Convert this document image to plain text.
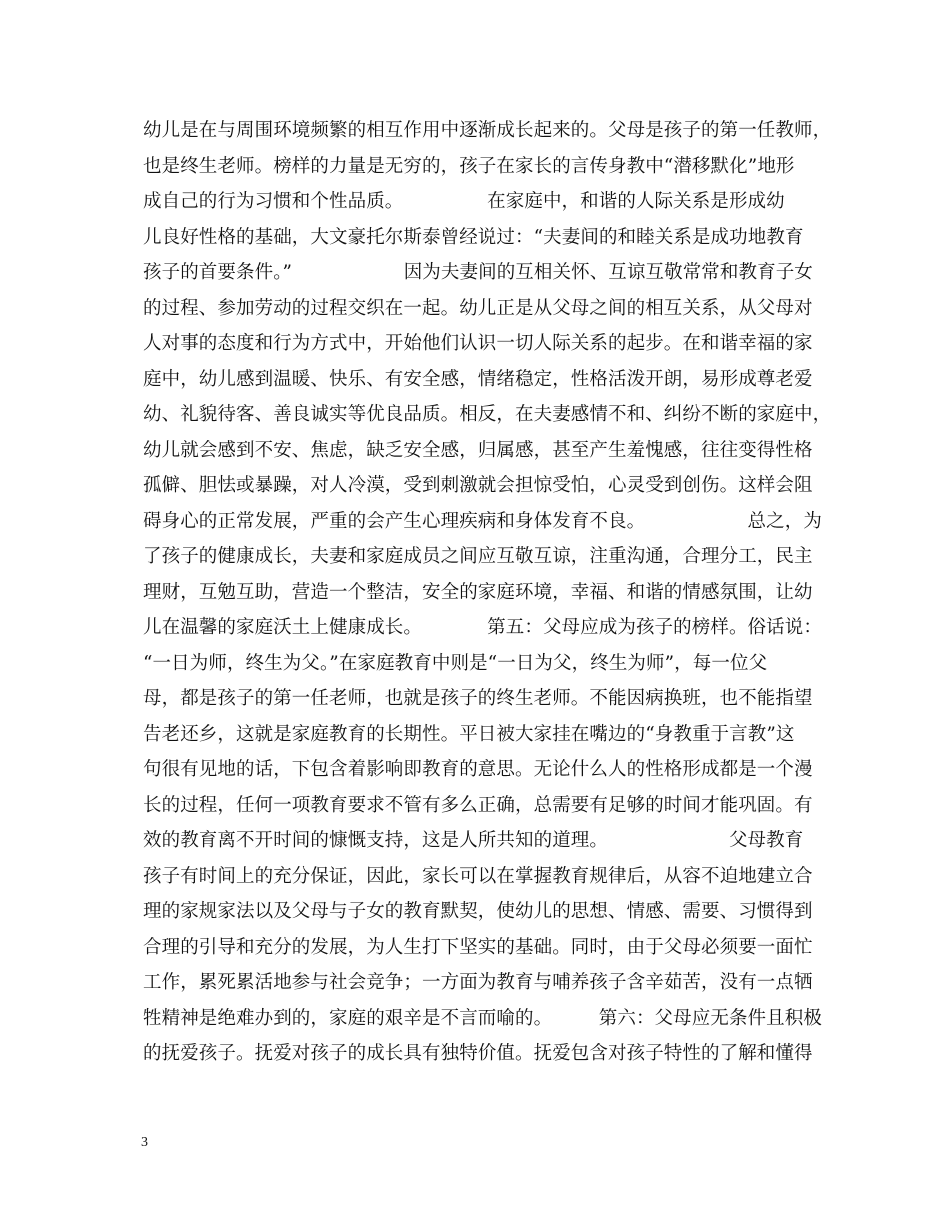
幼儿是在与周围环境频繁的相互作用中逐渐成长起来的。父母是孩子的第一任教师，
也是终生老师。榜样的力量是无穷的，孩子在家长的言传身教中“潜移默化”地形
成自己的行为习惯和个性品质。　　　　　在家庭中，和谐的人际关系是形成幼
儿良好性格的基础，大文豪托尔斯泰曾经说过：“夫妻间的和睦关系是成功地教育
孩子的首要条件。”　　　　　　因为夫妻间的互相关怀、互谅互敬常常和教育子女
的过程、参加劳动的过程交织在一起。幼儿正是从父母之间的相互关系，从父母对
人对事的态度和行为方式中，开始他们认识一切人际关系的起步。在和谐幸福的家
庭中，幼儿感到温暖、快乐、有安全感，情绪稳定，性格活泼开朗，易形成尊老爱
幼、礼貌待客、善良诚实等优良品质。相反，在夫妻感情不和、纠纷不断的家庭中，
幼儿就会感到不安、焦虑，缺乏安全感，归属感，甚至产生羞愧感，往往变得性格
孤僻、胆怯或暴躁，对人冷漠，受到刺激就会担惊受怕，心灵受到创伤。这样会阻
碍身心的正常发展，严重的会产生心理疾病和身体发育不良。　　　　　　总之，为
了孩子的健康成长，夫妻和家庭成员之间应互敬互谅，注重沟通，合理分工，民主
理财，互勉互助，营造一个整洁，安全的家庭环境，幸福、和谐的情感氛围，让幼
儿在温馨的家庭沃土上健康成长。　　　　第五：父母应成为孩子的榜样。俗话说：
“一日为师，终生为父。”在家庭教育中则是“一日为父，终生为师”，每一位父
母，都是孩子的第一任老师，也就是孩子的终生老师。不能因病换班，也不能指望
告老还乡，这就是家庭教育的长期性。平日被大家挂在嘴边的“身教重于言教”这
句很有见地的话，下包含着影响即教育的意思。无论什么人的性格形成都是一个漫
长的过程，任何一项教育要求不管有多么正确，总需要有足够的时间才能巩固。有
效的教育离不开时间的慷慨支持，这是人所共知的道理。　　　　　　　父母教育
孩子有时间上的充分保证，因此，家长可以在掌握教育规律后，从容不迫地建立合
理的家规家法以及父母与子女的教育默契，使幼儿的思想、情感、需要、习惯得到
合理的引导和充分的发展，为人生打下坚实的基础。同时，由于父母必须要一面忙
工作，累死累活地参与社会竞争；一方面为教育与哺养孩子含辛茹苦，没有一点牺
牲精神是绝难办到的，家庭的艰辛是不言而喻的。　　　第六：父母应无条件且积极
的抚爱孩子。抚爱对孩子的成长具有独特价值。抚爱包含对孩子特性的了解和懂得
3
